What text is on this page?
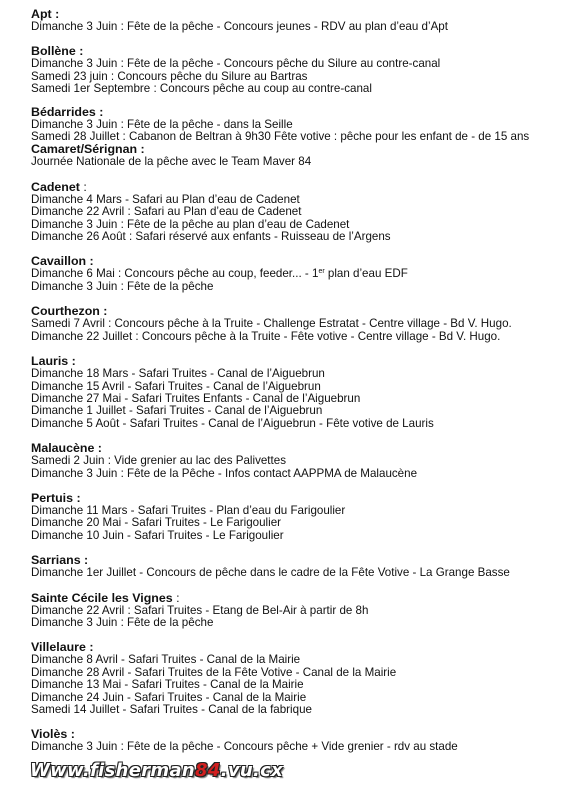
Apt :
Dimanche 3 Juin : Fête de la pêche - Concours jeunes - RDV au plan d’eau d’Apt
Bollène :
Dimanche 3 Juin : Fête de la pêche - Concours pêche du Silure au contre-canal
Samedi 23 juin : Concours pêche du Silure au Bartras
Samedi 1er Septembre : Concours pêche au coup au contre-canal
Bédarrides :
Dimanche 3 Juin : Fête de la pêche - dans la Seille
Samedi 28 Juillet : Cabanon de Beltran à 9h30 Fête votive : pêche pour les enfant de - de 15 ans
Camaret/Sérignan :
Journée Nationale de la pêche avec le Team Maver 84
Cadenet :
Dimanche 4 Mars - Safari au Plan d’eau de Cadenet
Dimanche 22 Avril : Safari au Plan d’eau de Cadenet
Dimanche 3 Juin : Fête de la pêche au plan d’eau de Cadenet
Dimanche 26 Août : Safari réservé aux enfants - Ruisseau de l’Argens
Cavaillon :
Dimanche 6 Mai : Concours pêche au coup, feeder... - 1er plan d’eau EDF
Dimanche 3 Juin : Fête de la pêche
Courthezon :
Samedi 7 Avril : Concours pêche à la Truite - Challenge Estratat - Centre village - Bd V. Hugo.
Dimanche 22 Juillet : Concours pêche à la Truite - Fête votive - Centre village - Bd V. Hugo.
Lauris :
Dimanche 18 Mars - Safari Truites - Canal de l’Aiguebrun
Dimanche 15 Avril - Safari Truites - Canal de l’Aiguebrun
Dimanche 27 Mai - Safari Truites Enfants - Canal de l’Aiguebrun
Dimanche 1 Juillet - Safari Truites - Canal de l’Aiguebrun
Dimanche 5 Août - Safari Truites - Canal de l’Aiguebrun - Fête votive de Lauris
Malaucène :
Samedi 2 Juin : Vide grenier au lac des Palivettes
Dimanche 3 Juin : Fête de la Pêche - Infos contact AAPPMA de Malaucène
Pertuis :
Dimanche 11 Mars - Safari Truites - Plan d’eau du Farigoulier
Dimanche 20 Mai - Safari Truites - Le Farigoulier
Dimanche 10 Juin - Safari Truites - Le Farigoulier
Sarrians :
Dimanche 1er Juillet - Concours de pêche dans le cadre de la Fête Votive - La Grange Basse
Sainte Cécile les Vignes :
Dimanche 22 Avril : Safari Truites - Etang de Bel-Air à partir de 8h
Dimanche 3 Juin : Fête de la pêche
Villelaure :
Dimanche 8 Avril - Safari Truites - Canal de la Mairie
Dimanche 28 Avril - Safari Truites de la Fête Votive - Canal de la Mairie
Dimanche 13 Mai - Safari Truites - Canal de la Mairie
Dimanche 24 Juin - Safari Truites - Canal de la Mairie
Samedi 14 Juillet - Safari Truites - Canal de la fabrique
Violès :
Dimanche 3 Juin : Fête de la pêche - Concours pêche + Vide grenier - rdv au stade
Www.fisherman84.vu.cx
